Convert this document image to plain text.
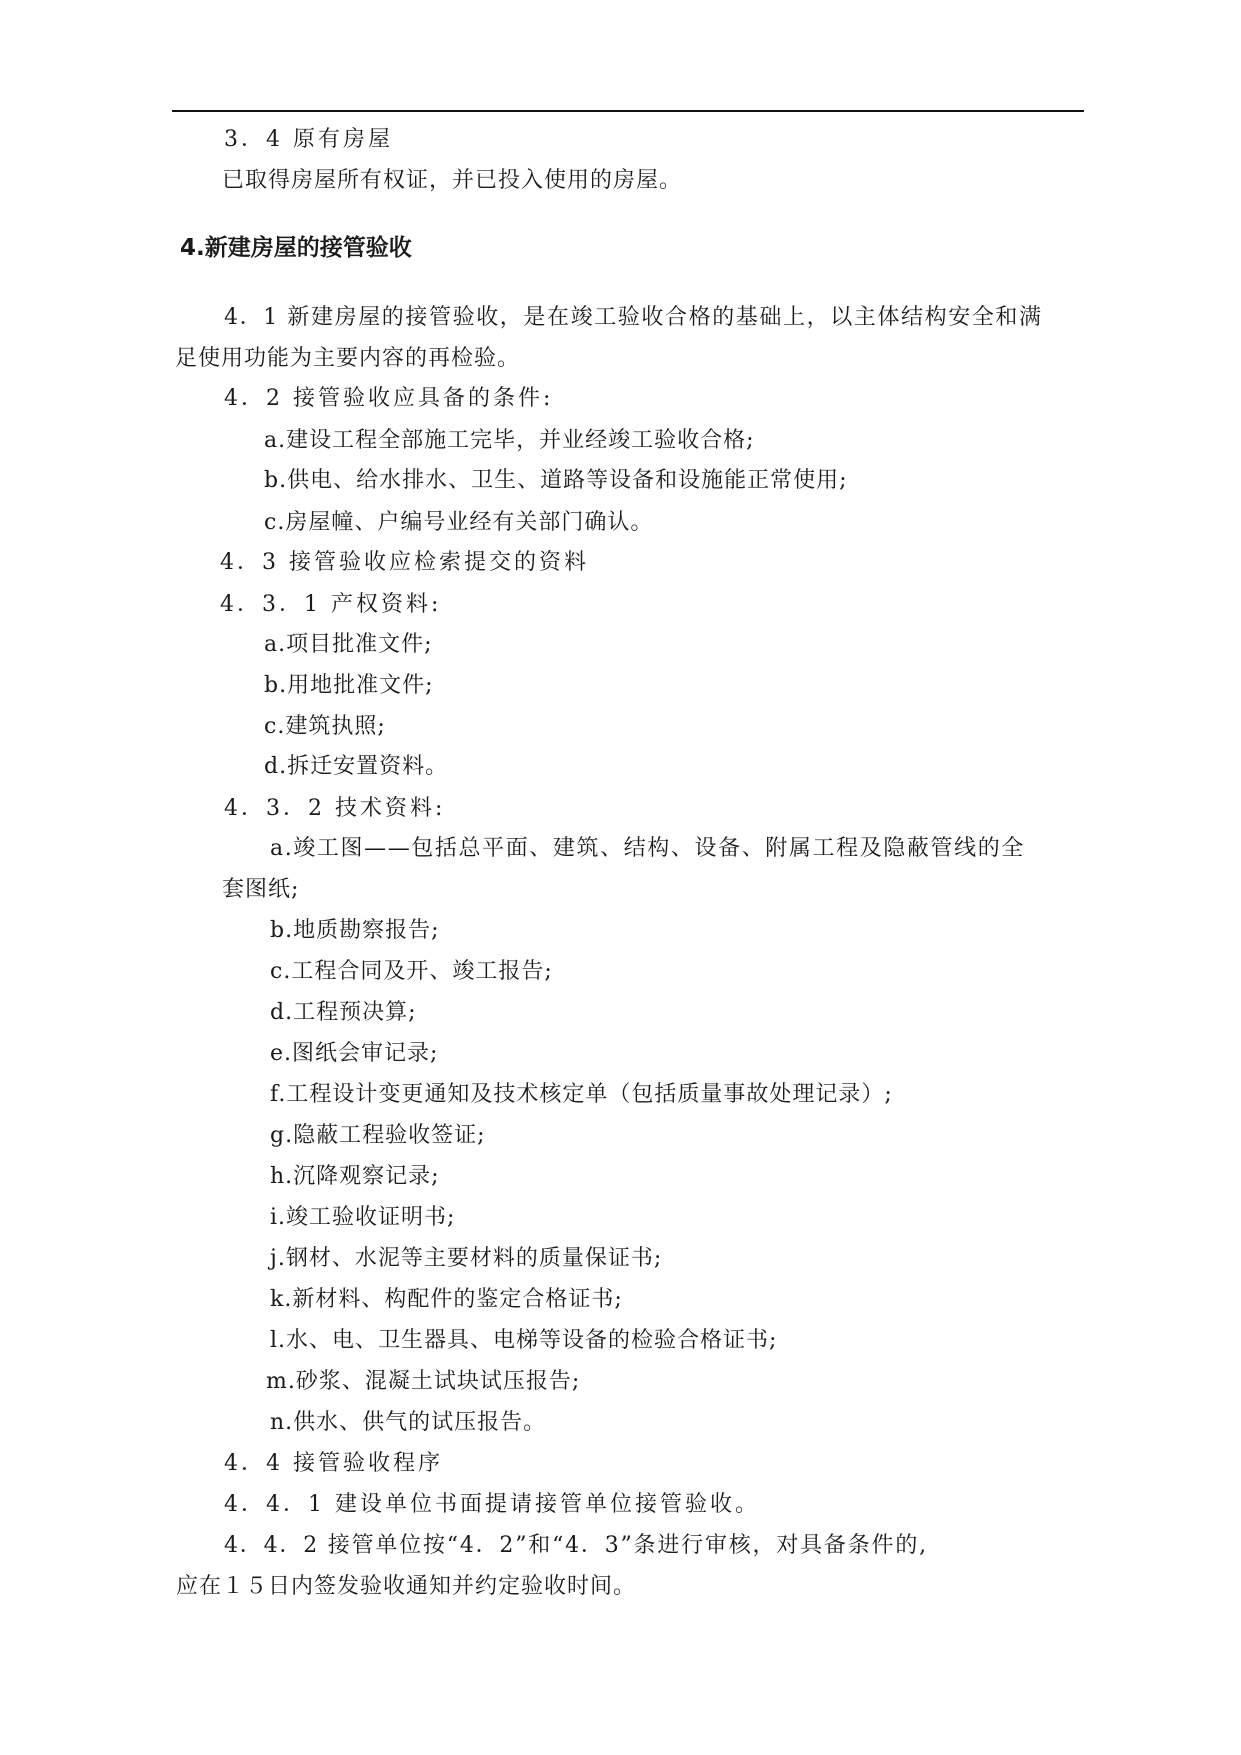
3．4 原有房屋
已取得房屋所有权证，并已投入使用的房屋。
4.新建房屋的接管验收
4．1 新建房屋的接管验收，是在竣工验收合格的基础上，以主体结构安全和满
足使用功能为主要内容的再检验。
4．2 接管验收应具备的条件:
a.建设工程全部施工完毕，并业经竣工验收合格;
b.供电、给水排水、卫生、道路等设备和设施能正常使用;
c.房屋幢、户编号业经有关部门确认。
4．3 接管验收应检索提交的资料
4．3．1 产权资料:
a.项目批准文件;
b.用地批准文件;
c.建筑执照;
d.拆迁安置资料。
4．3．2 技术资料:
a.竣工图——包括总平面、建筑、结构、设备、附属工程及隐蔽管线的全
套图纸;
b.地质勘察报告;
c.工程合同及开、竣工报告;
d.工程预决算;
e.图纸会审记录;
f.工程设计变更通知及技术核定单（包括质量事故处理记录）;
g.隐蔽工程验收签证;
h.沉降观察记录;
i.竣工验收证明书;
j.钢材、水泥等主要材料的质量保证书;
k.新材料、构配件的鉴定合格证书;
l.水、电、卫生器具、电梯等设备的检验合格证书;
m.砂浆、混凝土试块试压报告;
n.供水、供气的试压报告。
4．4 接管验收程序
4．4．1 建设单位书面提请接管单位接管验收。
4．4．2 接管单位按“4．2”和“4．3”条进行审核，对具备条件的,
应在１５日内签发验收通知并约定验收时间。
